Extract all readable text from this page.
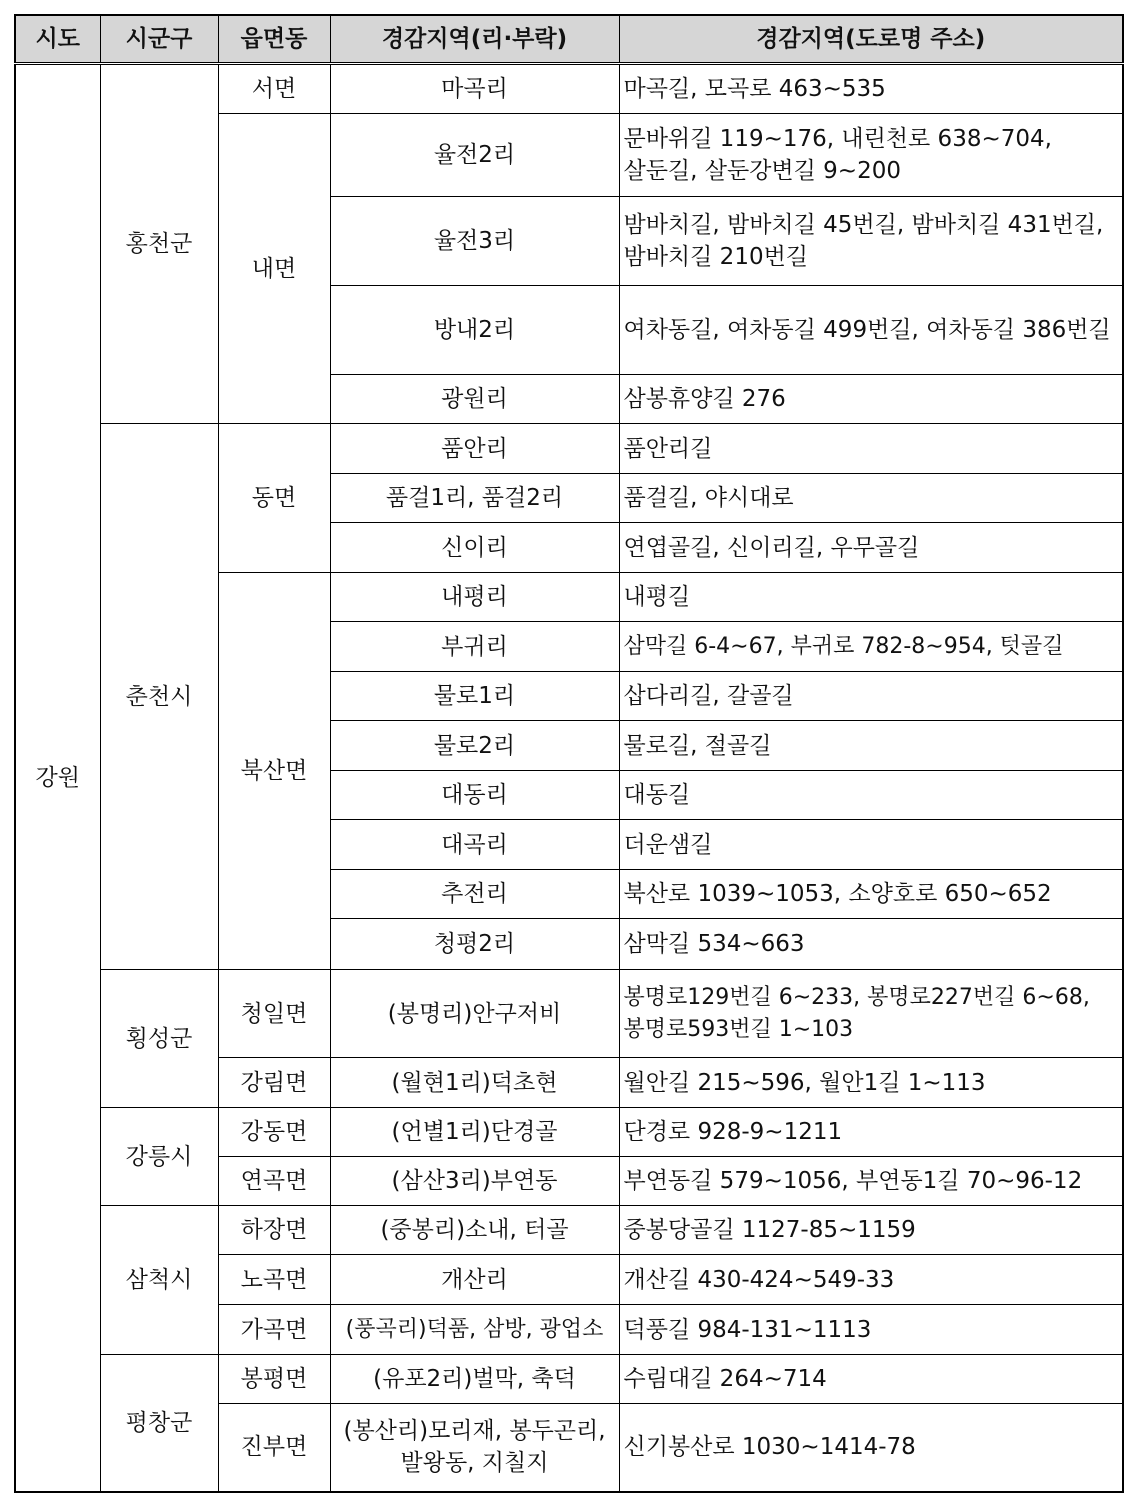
시도	시군구	읍면동	경감지역(리·부락)	경감지역(도로명 주소)
강원	홍천군	서면	마곡리	마곡길, 모곡로 463∼535
		내면	율전2리	문바위길 119∼176, 내린천로 638∼704, 살둔길, 살둔강변길 9∼200
			율전3리	밤바치길, 밤바치길 45번길, 밤바치길 431번길, 밤바치길 210번길
			방내2리	여차동길, 여차동길 499번길, 여차동길 386번길
			광원리	삼봉휴양길 276
	춘천시	동면	품안리	품안리길
			품걸1리, 품걸2리	품걸길, 야시대로
			신이리	연엽골길, 신이리길, 우무골길
		북산면	내평리	내평길
			부귀리	삼막길 6-4∼67, 부귀로 782-8∼954, 텃골길
			물로1리	삽다리길, 갈골길
			물로2리	물로길, 절골길
			대동리	대동길
			대곡리	더운샘길
			추전리	북산로 1039∼1053, 소양호로 650∼652
			청평2리	삼막길 534∼663
	횡성군	청일면	(봉명리)안구저비	봉명로129번길 6~233, 봉명로227번길 6~68, 봉명로593번길 1∼103
		강림면	(월현1리)덕초현	월안길 215∼596, 월안1길 1∼113
	강릉시	강동면	(언별1리)단경골	단경로 928-9~1211
		연곡면	(삼산3리)부연동	부연동길 579~1056, 부연동1길 70~96-12
	삼척시	하장면	(중봉리)소내, 터골	중봉당골길 1127-85~1159
		노곡면	개산리	개산길 430-424~549-33
		가곡면	(풍곡리)덕품, 삼방, 광업소	덕풍길 984-131~1113
	평창군	봉평면	(유포2리)벌막, 축덕	수림대길 264∼714
		진부면	(봉산리)모리재, 봉두곤리,발왕동, 지칠지	신기봉산로 1030∼1414-78
